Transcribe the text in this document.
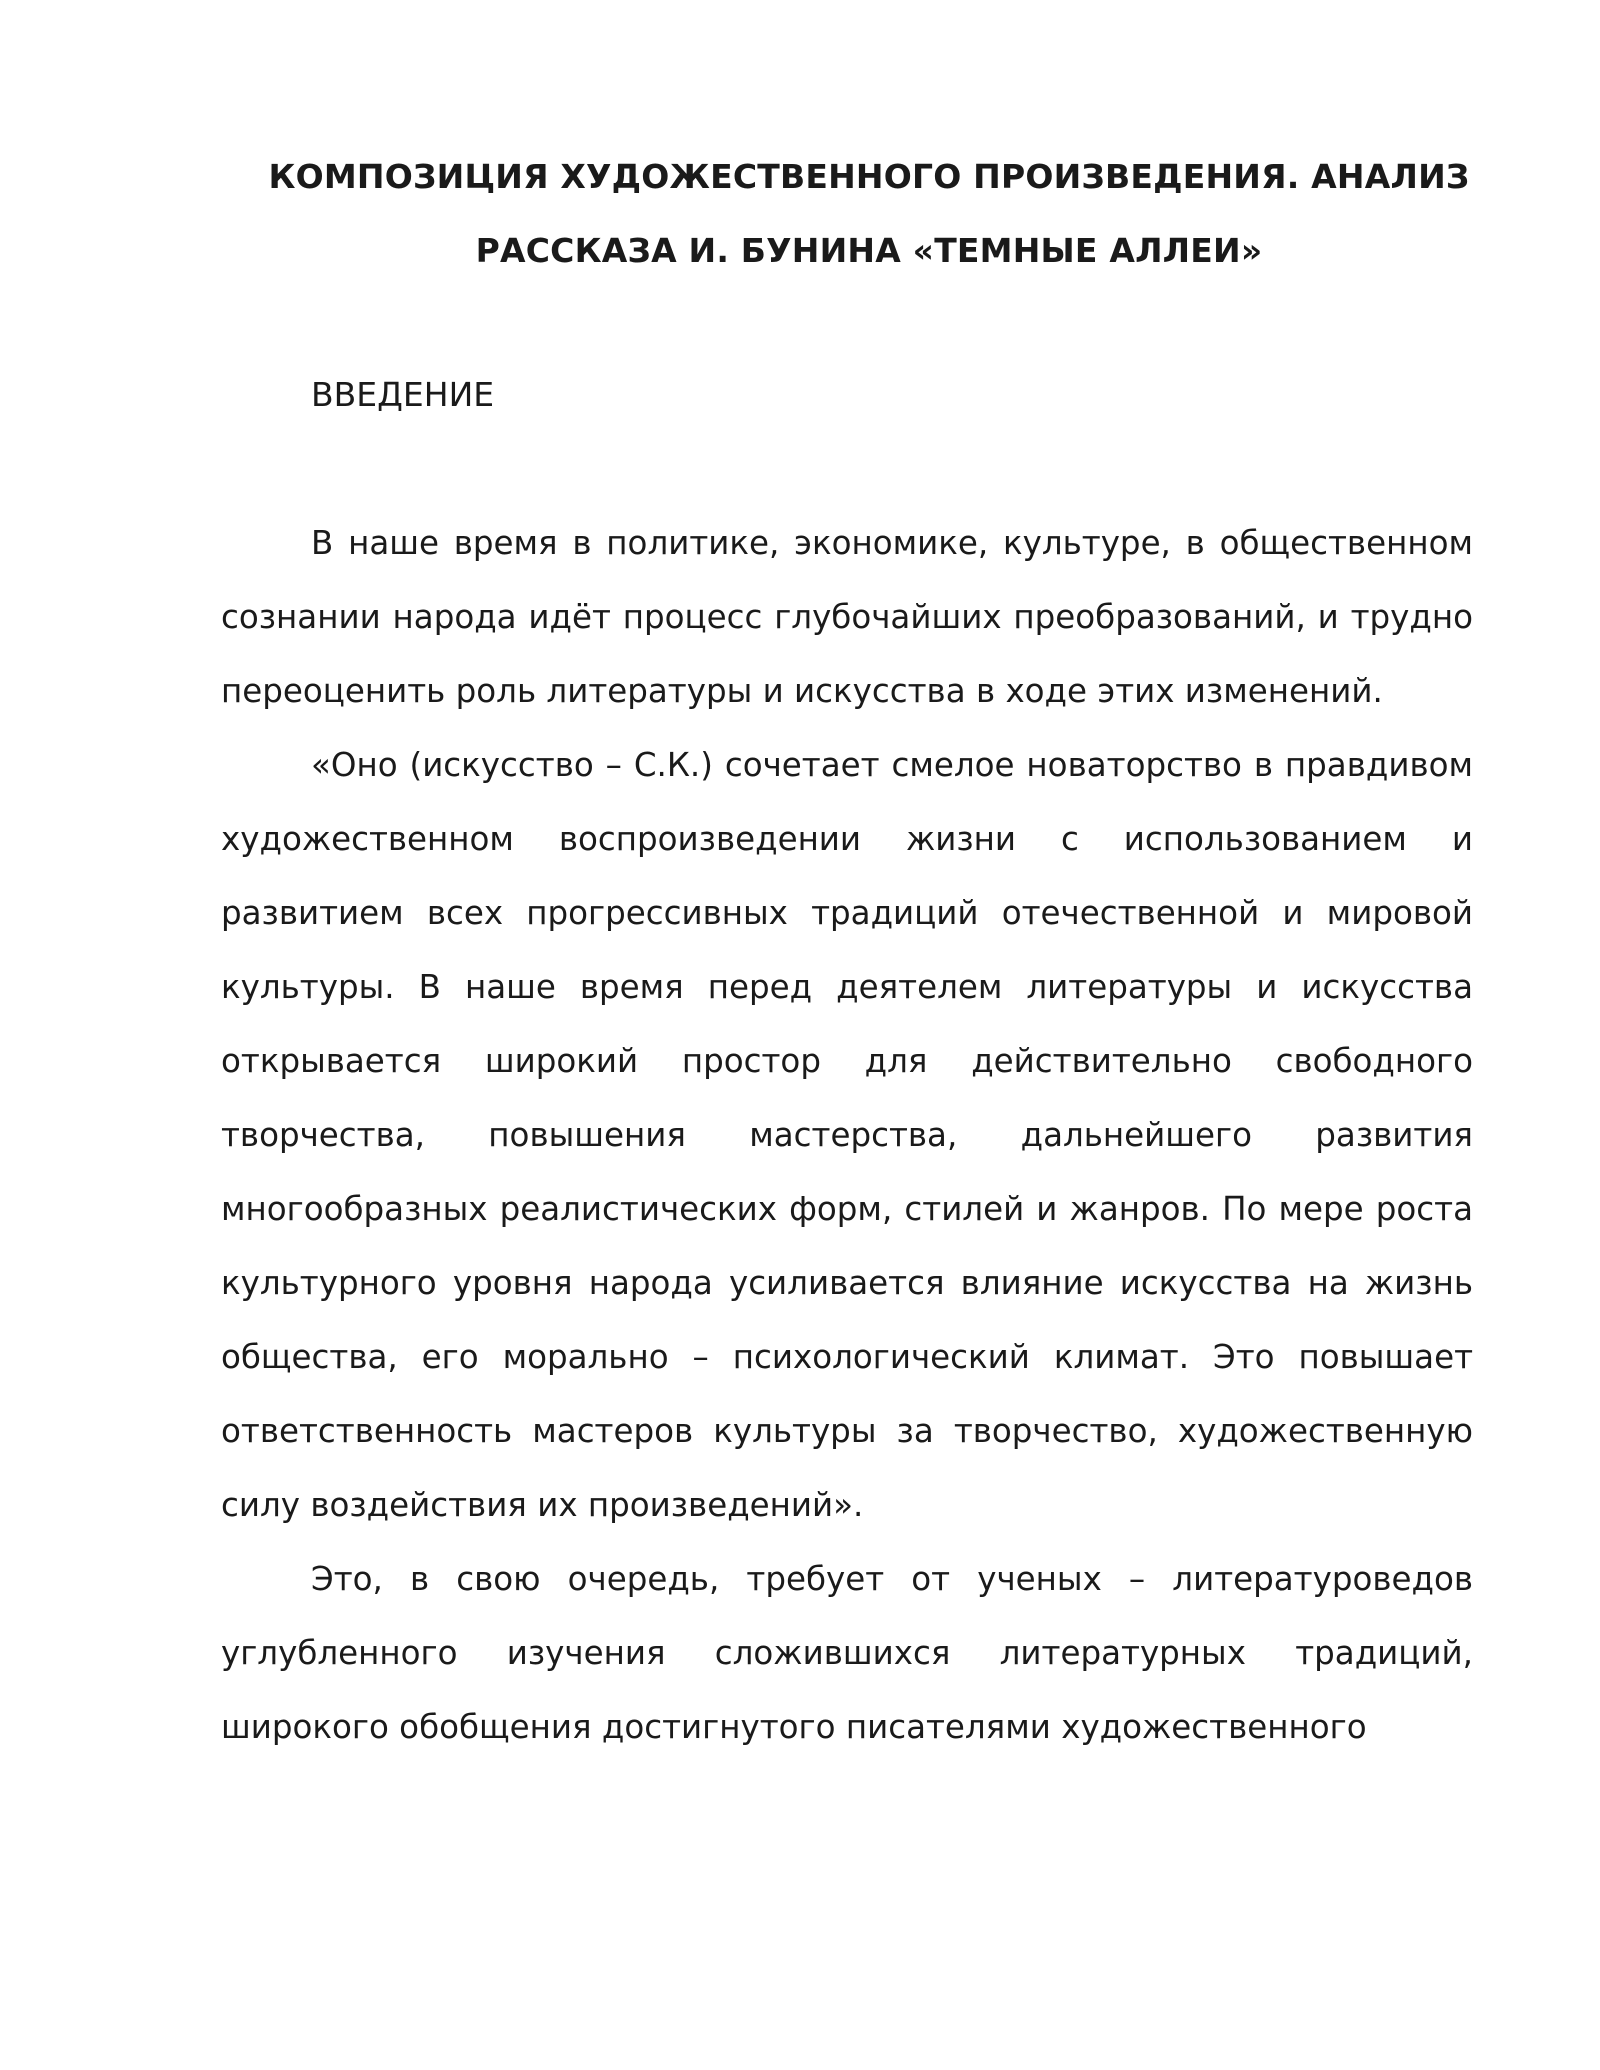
КОМПОЗИЦИЯ ХУДОЖЕСТВЕННОГО ПРОИЗВЕДЕНИЯ. АНАЛИЗ
РАССКАЗА И. БУНИНА «ТЕМНЫЕ АЛЛЕИ»
ВВЕДЕНИЕ

В наше время в политике, экономике, культуре, в общественном сознании народа идёт процесс глубочайших преобразований, и трудно переоценить роль литературы и искусства в ходе этих изменений.

«Оно (искусство – С.К.) сочетает смелое новаторство в правдивом художественном воспроизведении жизни с использованием и развитием всех прогрессивных традиций отечественной и мировой культуры. В наше время перед деятелем литературы и искусства открывается широкий простор для действительно свободного творчества, повышения мастерства, дальнейшего развития многообразных реалистических форм, стилей и жанров. По мере роста культурного уровня народа усиливается влияние искусства на жизнь общества, его морально – психологический климат. Это повышает ответственность мастеров культуры за творчество, художественную силу воздействия их произведений».

Это, в свою очередь, требует от ученых – литературоведов углубленного изучения сложившихся литературных традиций, широкого обобщения достигнутого писателями художественного
